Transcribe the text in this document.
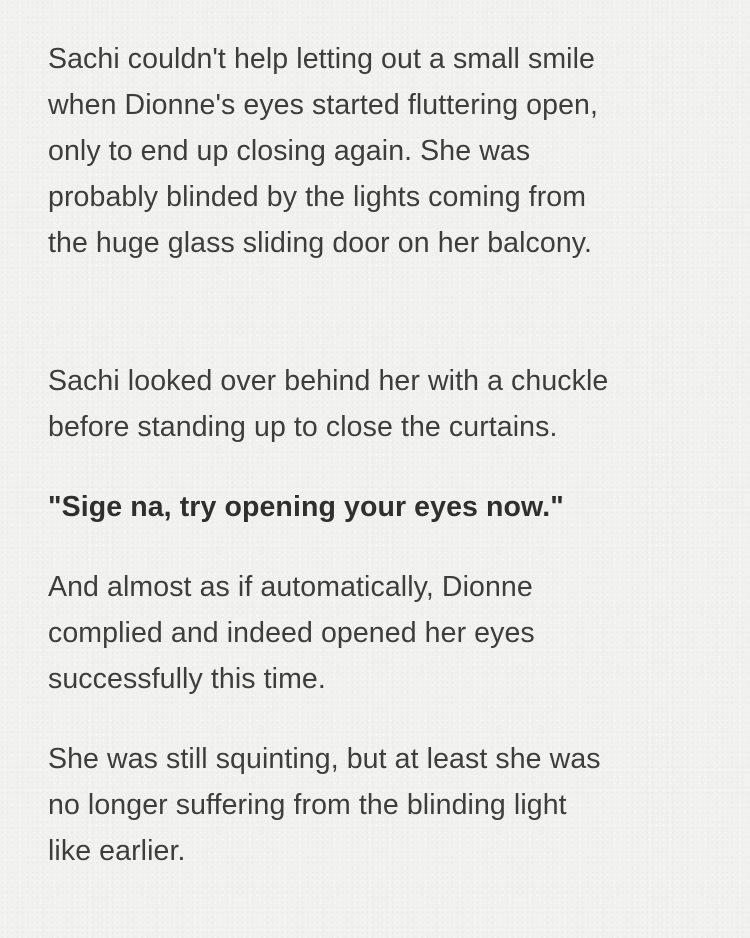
Sachi couldn't help letting out a small smile
when Dionne's eyes started fluttering open,
only to end up closing again. She was
probably blinded by the lights coming from
the huge glass sliding door on her balcony.

Sachi looked over behind her with a chuckle
before standing up to close the curtains.

"Sige na, try opening your eyes now."

And almost as if automatically, Dionne
complied and indeed opened her eyes
successfully this time.

She was still squinting, but at least she was
no longer suffering from the blinding light
like earlier.
